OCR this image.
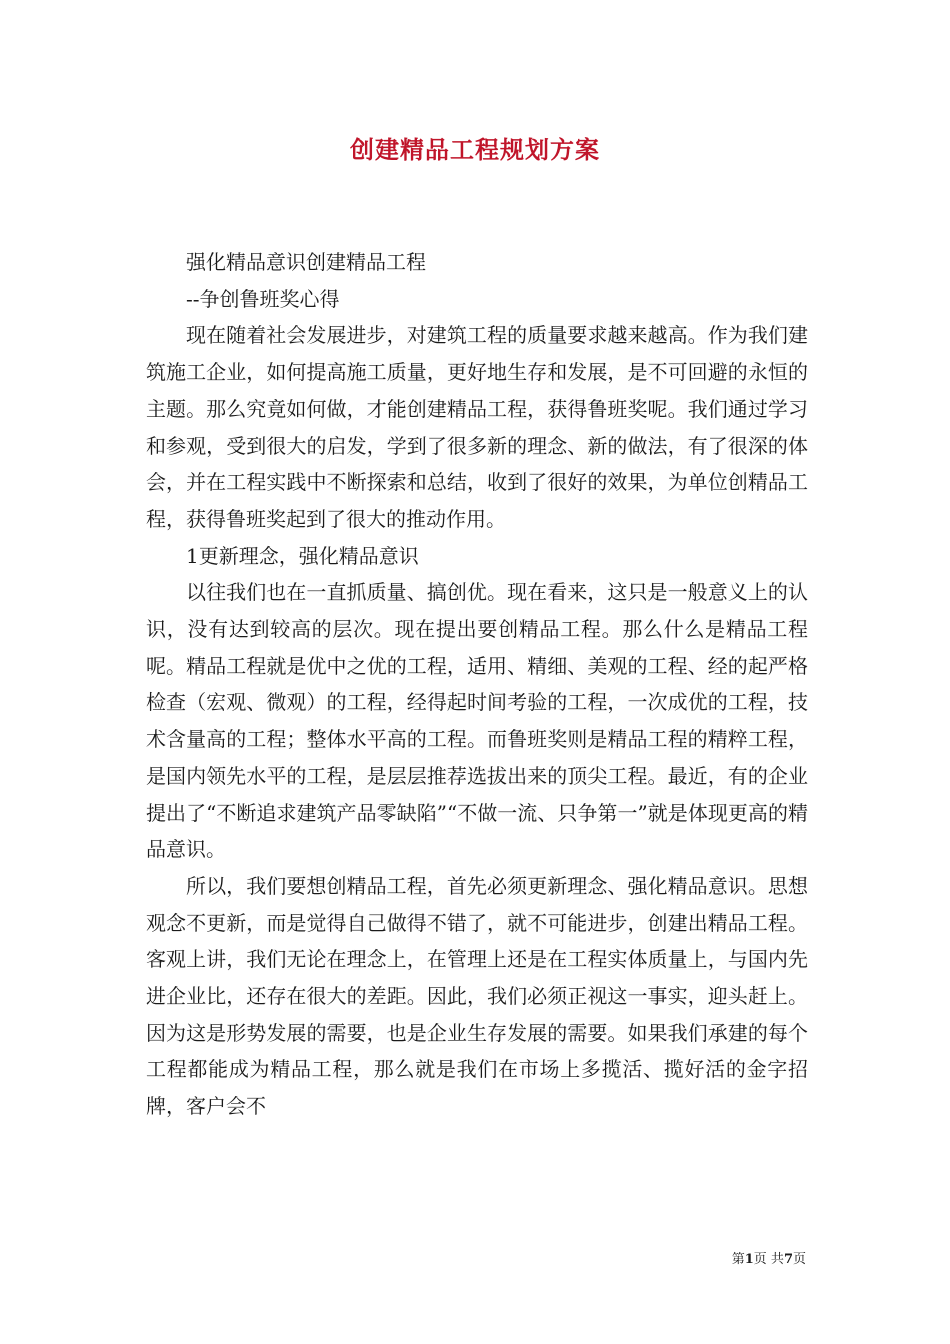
创建精品工程规划方案

强化精品意识创建精品工程

--争创鲁班奖心得

现在随着社会发展进步，对建筑工程的质量要求越来越高。作为我们建筑施工企业，如何提高施工质量，更好地生存和发展，是不可回避的永恒的主题。那么究竟如何做，才能创建精品工程，获得鲁班奖呢。我们通过学习和参观，受到很大的启发，学到了很多新的理念、新的做法，有了很深的体会，并在工程实践中不断探索和总结，收到了很好的效果，为单位创精品工程，获得鲁班奖起到了很大的推动作用。

1更新理念，强化精品意识

以往我们也在一直抓质量、搞创优。现在看来，这只是一般意义上的认识，没有达到较高的层次。现在提出要创精品工程。那么什么是精品工程呢。精品工程就是优中之优的工程，适用、精细、美观的工程、经的起严格检查（宏观、微观）的工程，经得起时间考验的工程，一次成优的工程，技术含量高的工程；整体水平高的工程。而鲁班奖则是精品工程的精粹工程，是国内领先水平的工程，是层层推荐选拔出来的顶尖工程。最近，有的企业提出了“不断追求建筑产品零缺陷”“不做一流、只争第一”就是体现更高的精品意识。

所以，我们要想创精品工程，首先必须更新理念、强化精品意识。思想观念不更新，而是觉得自己做得不错了，就不可能进步，创建出精品工程。客观上讲，我们无论在理念上，在管理上还是在工程实体质量上，与国内先进企业比，还存在很大的差距。因此，我们必须正视这一事实，迎头赶上。因为这是形势发展的需要，也是企业生存发展的需要。如果我们承建的每个工程都能成为精品工程，那么就是我们在市场上多揽活、揽好活的金字招牌，客户会不

第1页 共7页
